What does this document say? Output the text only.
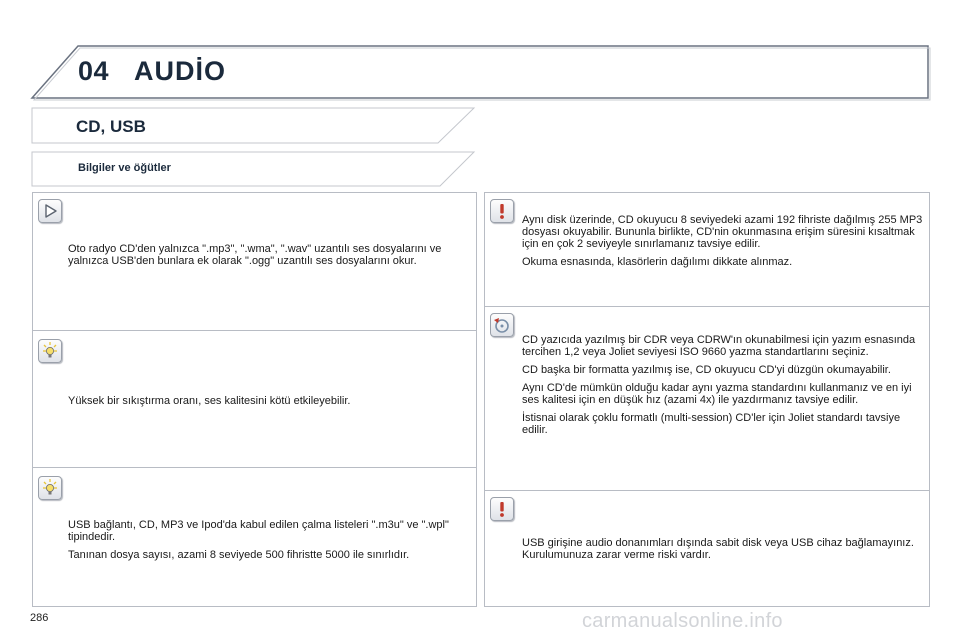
04 AUDİO
CD, USB
Bilgiler ve öğütler

Oto radyo CD'den yalnızca ".mp3", ".wma", ".wav" uzantılı ses dosyalarını ve yalnızca USB'den bunlara ek olarak ".ogg" uzantılı ses dosyalarını okur.

Yüksek bir sıkıştırma oranı, ses kalitesini kötü etkileyebilir.

USB bağlantı, CD, MP3 ve Ipod'da kabul edilen çalma listeleri ".m3u" ve ".wpl" tipindedir.

Tanınan dosya sayısı, azami 8 seviyede 500 fihristte 5000 ile sınırlıdır.

Aynı disk üzerinde, CD okuyucu 8 seviyedeki azami 192 fihriste dağılmış 255 MP3 dosyası okuyabilir. Bununla birlikte, CD'nin okunmasına erişim süresini kısaltmak için en çok 2 seviyeyle sınırlamanız tavsiye edilir.

Okuma esnasında, klasörlerin dağılımı dikkate alınmaz.

CD yazıcıda yazılmış bir CDR veya CDRW'ın okunabilmesi için yazım esnasında tercihen 1,2 veya Joliet seviyesi ISO 9660 yazma standartlarını seçiniz.

CD başka bir formatta yazılmış ise, CD okuyucu CD'yi düzgün okumayabilir.

Aynı CD'de mümkün olduğu kadar aynı yazma standardını kullanmanız ve en iyi ses kalitesi için en düşük hız (azami 4x) ile yazdırmanız tavsiye edilir.

İstisnai olarak çoklu formatlı (multi-session) CD'ler için Joliet standardı tavsiye edilir.

USB girişine audio donanımları dışında sabit disk veya USB cihaz bağlamayınız. Kurulumunuza zarar verme riski vardır.

286	carmanualsonline.info
